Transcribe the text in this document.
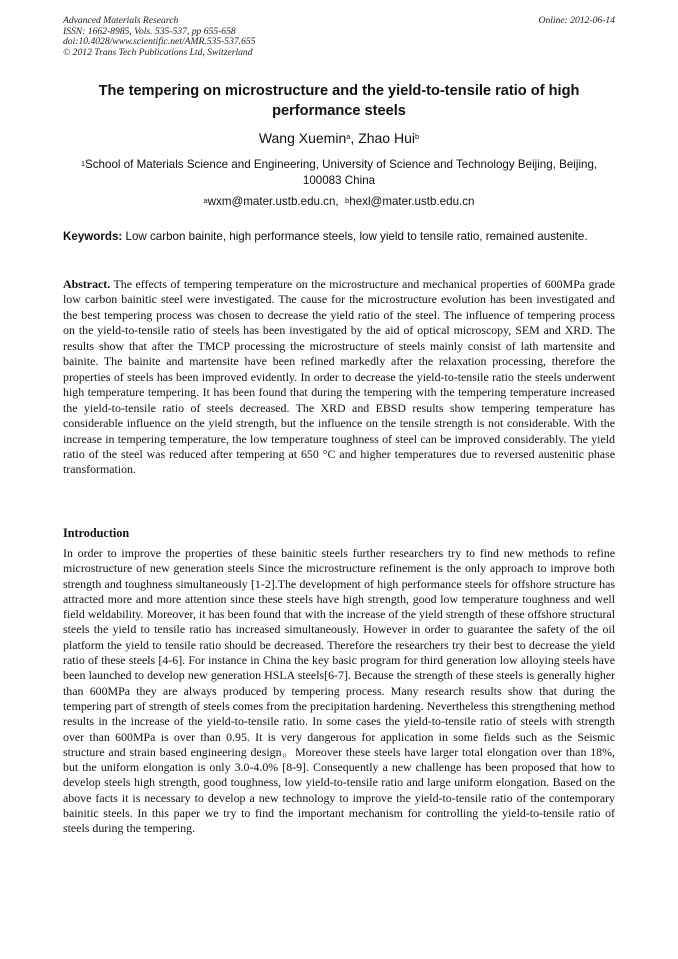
Advanced Materials Research
ISSN: 1662-8985, Vols. 535-537, pp 655-658
doi:10.4028/www.scientific.net/AMR.535-537.655
© 2012 Trans Tech Publications Ltd, Switzerland
Online: 2012-06-14
The tempering on microstructure and the yield-to-tensile ratio of high performance steels
Wang Xuemin$^a$, Zhao Hui$^b$
$^1$School of Materials Science and Engineering, University of Science and Technology Beijing, Beijing, 100083 China
$^a$wxm@mater.ustb.edu.cn, $^b$hexl@mater.ustb.edu.cn
Keywords: Low carbon bainite, high performance steels, low yield to tensile ratio, remained austenite.
Abstract. The effects of tempering temperature on the microstructure and mechanical properties of 600MPa grade low carbon bainitic steel were investigated. The cause for the microstructure evolution has been investigated and the best tempering process was chosen to decrease the yield ratio of the steel. The influence of tempering process on the yield-to-tensile ratio of steels has been investigated by the aid of optical microscopy, SEM and XRD. The results show that after the TMCP processing the microstructure of steels mainly consist of lath martensite and bainite. The bainite and martensite have been refined markedly after the relaxation processing, therefore the properties of steels has been improved evidently. In order to decrease the yield-to-tensile ratio the steels underwent high temperature tempering. It has been found that during the tempering with the tempering temperature increased the yield-to-tensile ratio of steels decreased. The XRD and EBSD results show tempering temperature has considerable influence on the yield strength, but the influence on the tensile strength is not considerable. With the increase in tempering temperature, the low temperature toughness of steel can be improved considerably. The yield ratio of the steel was reduced after tempering at 650 °C and higher temperatures due to reversed austenitic phase transformation.
Introduction
In order to improve the properties of these bainitic steels further researchers try to find new methods to refine microstructure of new generation steels Since the microstructure refinement is the only approach to improve both strength and toughness simultaneously [1-2].The development of high performance steels for offshore structure has attracted more and more attention since these steels have high strength, good low temperature toughness and well field weldability. Moreover, it has been found that with the increase of the yield strength of these offshore structural steels the yield to tensile ratio has increased simultaneously. However in order to guarantee the safety of the oil platform the yield to tensile ratio should be decreased. Therefore the researchers try their best to decrease the yield ratio of these steels [4-6]. For instance in China the key basic program for third generation low alloying steels have been launched to develop new generation HSLA steels[6-7]. Because the strength of these steels is generally higher than 600MPa they are always produced by tempering process. Many research results show that during the tempering part of strength of steels comes from the precipitation hardening. Nevertheless this strengthening method results in the increase of the yield-to-tensile ratio. In some cases the yield-to-tensile ratio of steels with strength over than 600MPa is over than 0.95. It is very dangerous for application in some fields such as the Seismic structure and strain based engineering design。Moreover these steels have larger total elongation over than 18%, but the uniform elongation is only 3.0-4.0% [8-9]. Consequently a new challenge has been proposed that how to develop steels high strength, good toughness, low yield-to-tensile ratio and large uniform elongation. Based on the above facts it is necessary to develop a new technology to improve the yield-to-tensile ratio of the contemporary bainitic steels. In this paper we try to find the important mechanism for controlling the yield-to-tensile ratio of steels during the tempering.
